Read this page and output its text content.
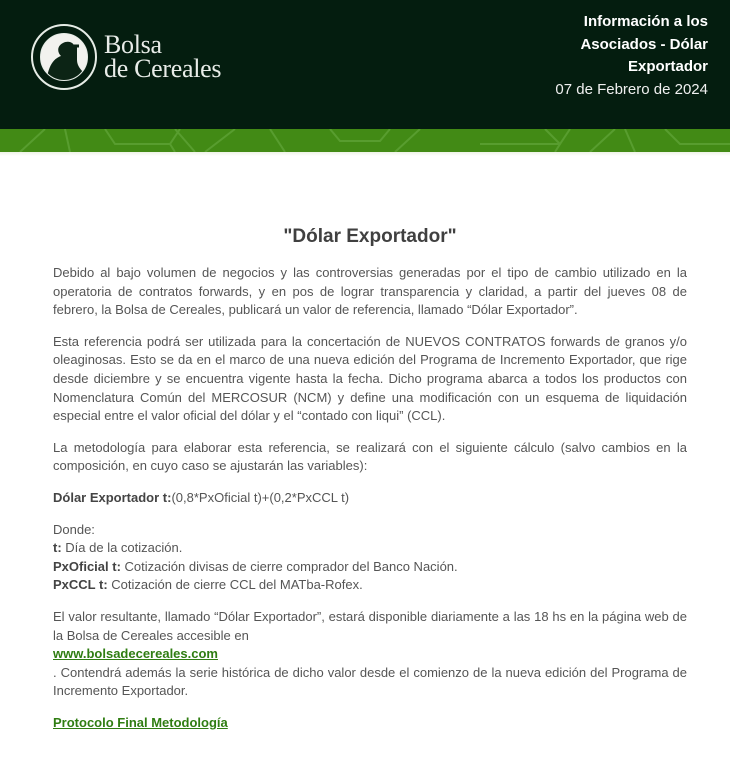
Bolsa
de Cereales
Información a los
Asociados - Dólar
Exportador
07 de Febrero de 2024
"Dólar Exportador"

Debido al bajo volumen de negocios y las controversias generadas por el tipo de cambio utilizado en la operatoria de contratos forwards, y en pos de lograr transparencia y claridad, a partir del jueves 08 de febrero, la Bolsa de Cereales, publicará un valor de referencia, llamado “Dólar Exportador”.

Esta referencia podrá ser utilizada para la concertación de NUEVOS CONTRATOS forwards de granos y/o oleaginosas. Esto se da en el marco de una nueva edición del Programa de Incremento Exportador, que rige desde diciembre y se encuentra vigente hasta la fecha. Dicho programa abarca a todos los productos con Nomenclatura Común del MERCOSUR (NCM) y define una modificación con un esquema de liquidación especial entre el valor oficial del dólar y el “contado con liqui” (CCL).

La metodología para elaborar esta referencia, se realizará con el siguiente cálculo (salvo cambios en la composición, en cuyo caso se ajustarán las variables):

Dólar Exportador t:(0,8*PxOficial t)+(0,2*PxCCL t)

Donde:
t: Día de la cotización.
PxOficial t: Cotización divisas de cierre comprador del Banco Nación.
PxCCL t: Cotización de cierre CCL del MATba-Rofex.

El valor resultante, llamado “Dólar Exportador”, estará disponible diariamente a las 18 hs en la página web de la Bolsa de Cereales accesible en
www.bolsadecereales.com
. Contendrá además la serie histórica de dicho valor desde el comienzo de la nueva edición del Programa de Incremento Exportador.

Protocolo Final Metodología
